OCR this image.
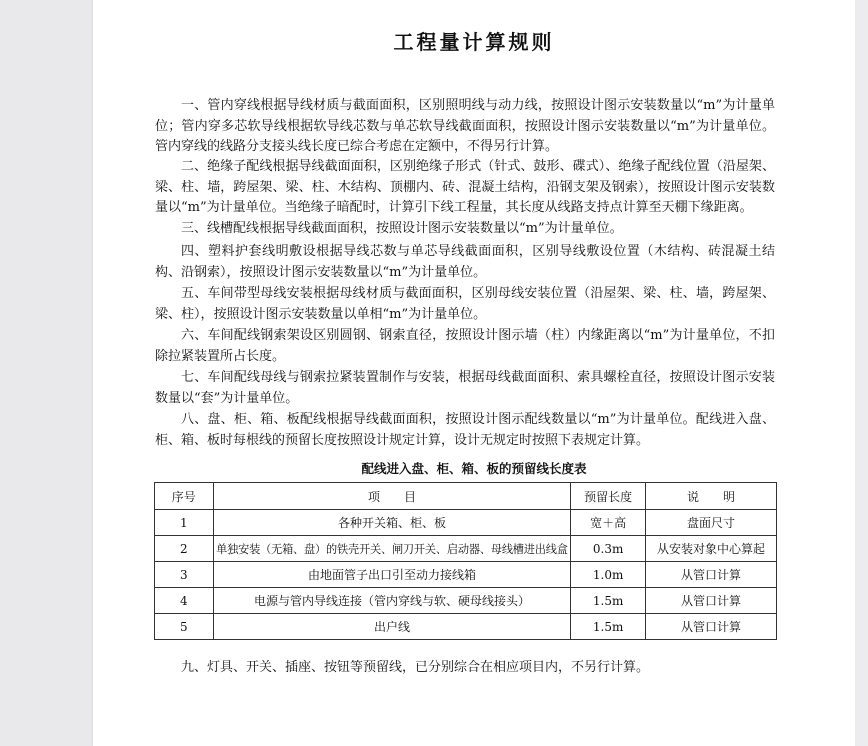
工程量计算规则

一、管内穿线根据导线材质与截面面积，区别照明线与动力线，按照设计图示安装数量以“m”为计量单位；管内穿多芯软导线根据软导线芯数与单芯软导线截面面积，按照设计图示安装数量以“m”为计量单位。管内穿线的线路分支接头线长度已综合考虑在定额中，不得另行计算。

二、绝缘子配线根据导线截面面积，区别绝缘子形式（针式、鼓形、碟式）、绝缘子配线位置（沿屋架、梁、柱、墙，跨屋架、梁、柱、木结构、顶棚内、砖、混凝土结构，沿钢支架及钢索），按照设计图示安装数量以“m”为计量单位。当绝缘子暗配时，计算引下线工程量，其长度从线路支持点计算至天棚下缘距离。

三、线槽配线根据导线截面面积，按照设计图示安装数量以“m”为计量单位。

四、塑料护套线明敷设根据导线芯数与单芯导线截面面积，区别导线敷设位置（木结构、砖混凝土结构、沿钢索），按照设计图示安装数量以“m”为计量单位。

五、车间带型母线安装根据母线材质与截面面积，区别母线安装位置（沿屋架、梁、柱、墙，跨屋架、梁、柱），按照设计图示安装数量以单相“m”为计量单位。

六、车间配线钢索架设区别圆钢、钢索直径，按照设计图示墙（柱）内缘距离以“m”为计量单位，不扣除拉紧装置所占长度。

七、车间配线母线与钢索拉紧装置制作与安装，根据母线截面面积、索具螺栓直径，按照设计图示安装数量以“套”为计量单位。

八、盘、柜、箱、板配线根据导线截面面积，按照设计图示配线数量以“m”为计量单位。配线进入盘、柜、箱、板时每根线的预留长度按照设计规定计算，设计无规定时按照下表规定计算。

配线进入盘、柜、箱、板的预留线长度表
序号	项　　目	预留长度	说　　明
1	各种开关箱、柜、板	宽＋高	盘面尺寸
2	单独安装（无箱、盘）的铁壳开关、闸刀开关、启动器、母线槽进出线盒	0.3m	从安装对象中心算起
3	由地面管子出口引至动力接线箱	1.0m	从管口计算
4	电源与管内导线连接（管内穿线与软、硬母线接头）	1.5m	从管口计算
5	出户线	1.5m	从管口计算

九、灯具、开关、插座、按钮等预留线，已分别综合在相应项目内，不另行计算。
